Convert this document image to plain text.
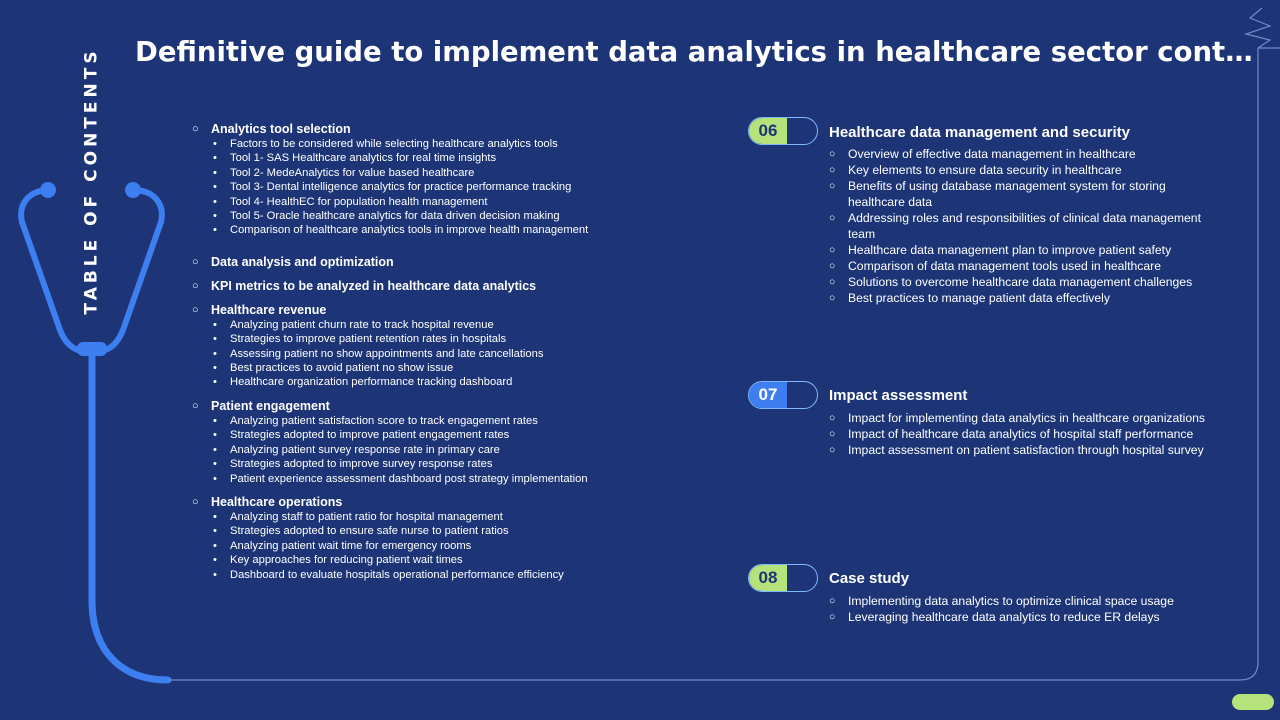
TABLE OF CONTENTS Definitive guide to implement data analytics in healthcare sector cont…
○ Analytics tool selection
•	Factors to be considered while selecting healthcare analytics tools
•	Tool 1- SAS Healthcare analytics for real time insights
•	Tool 2- MedeAnalytics for value based healthcare
•	Tool 3- Dental intelligence analytics for practice performance tracking
•	Tool 4- HealthEC for population health management
•	Tool 5- Oracle healthcare analytics for data driven decision making
•	Comparison of healthcare analytics tools in improve health management
○ Data analysis and optimization
○ KPI metrics to be analyzed in healthcare data analytics
○ Healthcare revenue
•	Analyzing patient churn rate to track hospital revenue
•	Strategies to improve patient retention rates in hospitals
•	Assessing patient no show appointments and late cancellations
•	Best practices to avoid patient no show issue
•	Healthcare organization performance tracking dashboard
○ Patient engagement
•	Analyzing patient satisfaction score to track engagement rates
•	Strategies adopted to improve patient engagement rates
•	Analyzing patient survey response rate in primary care
•	Strategies adopted to improve survey response rates
•	Patient experience assessment dashboard post strategy implementation
○ Healthcare operations
•	Analyzing staff to patient ratio for hospital management
•	Strategies adopted to ensure safe nurse to patient ratios
•	Analyzing patient wait time for emergency rooms
•	Key approaches for reducing patient wait times
•	Dashboard to evaluate hospitals operational performance efficiency
06	Healthcare data management and security
○	Overview of effective data management in healthcare
○	Key elements to ensure data security in healthcare
○	Benefits of using database management system for storing healthcare data
○	Addressing roles and responsibilities of clinical data management team
○	Healthcare data management plan to improve patient safety
○	Comparison of data management tools used in healthcare
○	Solutions to overcome healthcare data management challenges
○	Best practices to manage patient data effectively
07	Impact assessment
○	Impact for implementing data analytics in healthcare organizations
○	Impact of healthcare data analytics of hospital staff performance
○	Impact assessment on patient satisfaction through hospital survey
08	Case study
○	Implementing data analytics to optimize clinical space usage
○	Leveraging healthcare data analytics to reduce ER delays
